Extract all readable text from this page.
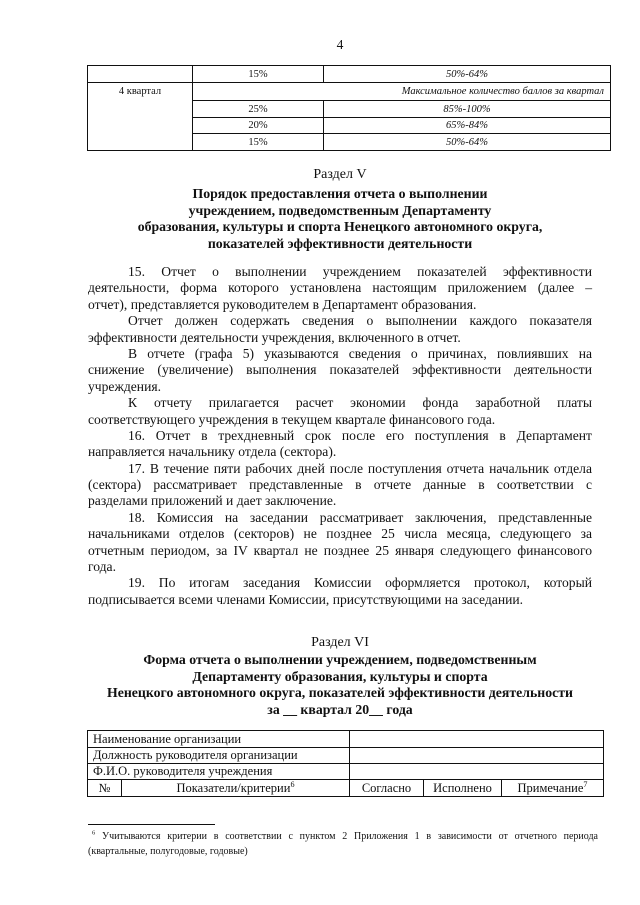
4
	15%	50%-64%
4 квартал	Максимальное количество баллов за квартал	
	25%	85%-100%
	20%	65%-84%
	15%	50%-64%
Раздел V
Порядок предоставления отчета о выполнении
учреждением, подведомственным Департаменту
образования, культуры и спорта Ненецкого автономного округа,
показателей эффективности деятельности
15. Отчет о выполнении учреждением показателей эффективности
деятельности, форма которого установлена настоящим приложением (далее –
отчет), представляется руководителем в Департамент образования.
Отчет должен содержать сведения о выполнении каждого показателя
эффективности деятельности учреждения, включенного в отчет.
В отчете (графа 5) указываются сведения о причинах, повлиявших на
снижение (увеличение) выполнения показателей эффективности деятельности
учреждения.
К отчету прилагается расчет экономии фонда заработной платы
соответствующего учреждения в текущем квартале финансового года.
16. Отчет в трехдневный срок после его поступления в Департамент
направляется начальнику отдела (сектора).
17. В течение пяти рабочих дней после поступления отчета начальник отдела
(сектора) рассматривает представленные в отчете данные в соответствии с
разделами приложений и дает заключение.
18. Комиссия на заседании рассматривает заключения, представленные
начальниками отделов (секторов) не позднее 25 числа месяца, следующего за
отчетным периодом, за IV квартал не позднее 25 января следующего финансового
года.
19. По итогам заседания Комиссии оформляется протокол, который
подписывается всеми членами Комиссии, присутствующими на заседании.
Раздел VI
Форма отчета о выполнении учреждением, подведомственным
Департаменту образования, культуры и спорта
Ненецкого автономного округа, показателей эффективности деятельности
за __ квартал 20__ года
Наименование организации				
Должность руководителя организации				
Ф.И.О. руководителя учреждения				
№	Показатели/критерии$^6$	Согласно	Исполнено	Примечание$^7$
$^6$ Учитываются критерии в соответствии с пунктом 2 Приложения 1 в зависимости от отчетного периода
(квартальные, полугодовые, годовые)
